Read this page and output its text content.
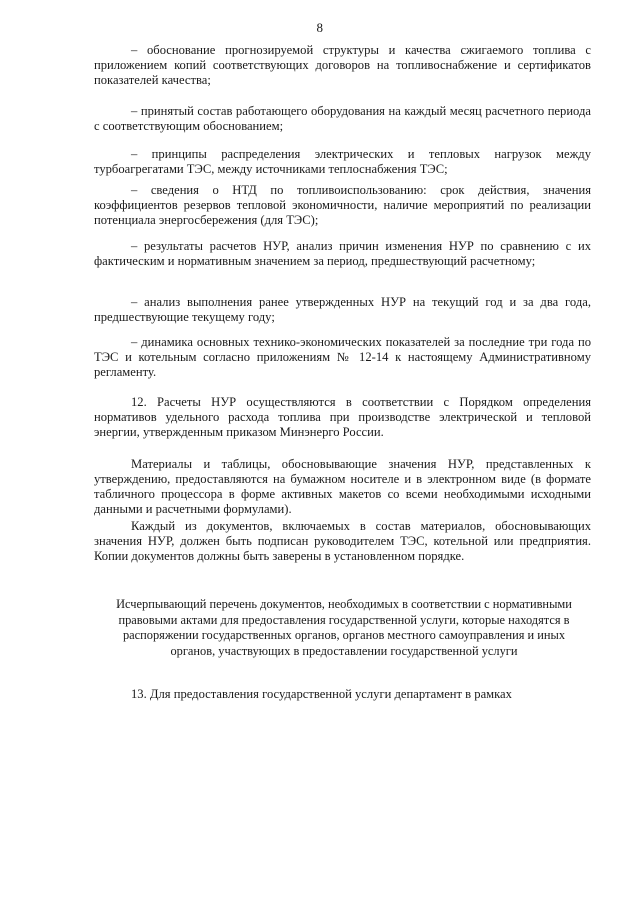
8

– обоснование прогнозируемой структуры и качества сжигаемого топлива с приложением копий соответствующих договоров на топливоснабжение и сертификатов показателей качества;

– принятый состав работающего оборудования на каждый месяц расчетного периода с соответствующим обоснованием;

– принципы распределения электрических и тепловых нагрузок между турбоагрегатами ТЭС, между источниками теплоснабжения ТЭС;

– сведения о НТД по топливоиспользованию: срок действия, значения коэффициентов резервов тепловой экономичности, наличие мероприятий по реализации потенциала энергосбережения (для ТЭС);

– результаты расчетов НУР, анализ причин изменения НУР по сравнению с их фактическим и нормативным значением за период, предшествующий расчетному;

– анализ выполнения ранее утвержденных НУР на текущий год и за два года, предшествующие текущему году;

– динамика основных технико-экономических показателей за последние три года по ТЭС и котельным согласно приложениям № 12-14 к настоящему Административному регламенту.

12. Расчеты НУР осуществляются в соответствии с Порядком определения нормативов удельного расхода топлива при производстве электрической и тепловой энергии, утвержденным приказом Минэнерго России.

Материалы и таблицы, обосновывающие значения НУР, представленных к утверждению, предоставляются на бумажном носителе и в электронном виде (в формате табличного процессора в форме активных макетов со всеми необходимыми исходными данными и расчетными формулами).

Каждый из документов, включаемых в состав материалов, обосновывающих значения НУР, должен быть подписан руководителем ТЭС, котельной или предприятия. Копии документов должны быть заверены в установленном порядке.

Исчерпывающий перечень документов, необходимых в соответствии с нормативными правовыми актами для предоставления государственной услуги, которые находятся в распоряжении государственных органов, органов местного самоуправления и иных органов, участвующих в предоставлении государственной услуги

13. Для предоставления государственной услуги департамент в рамках
